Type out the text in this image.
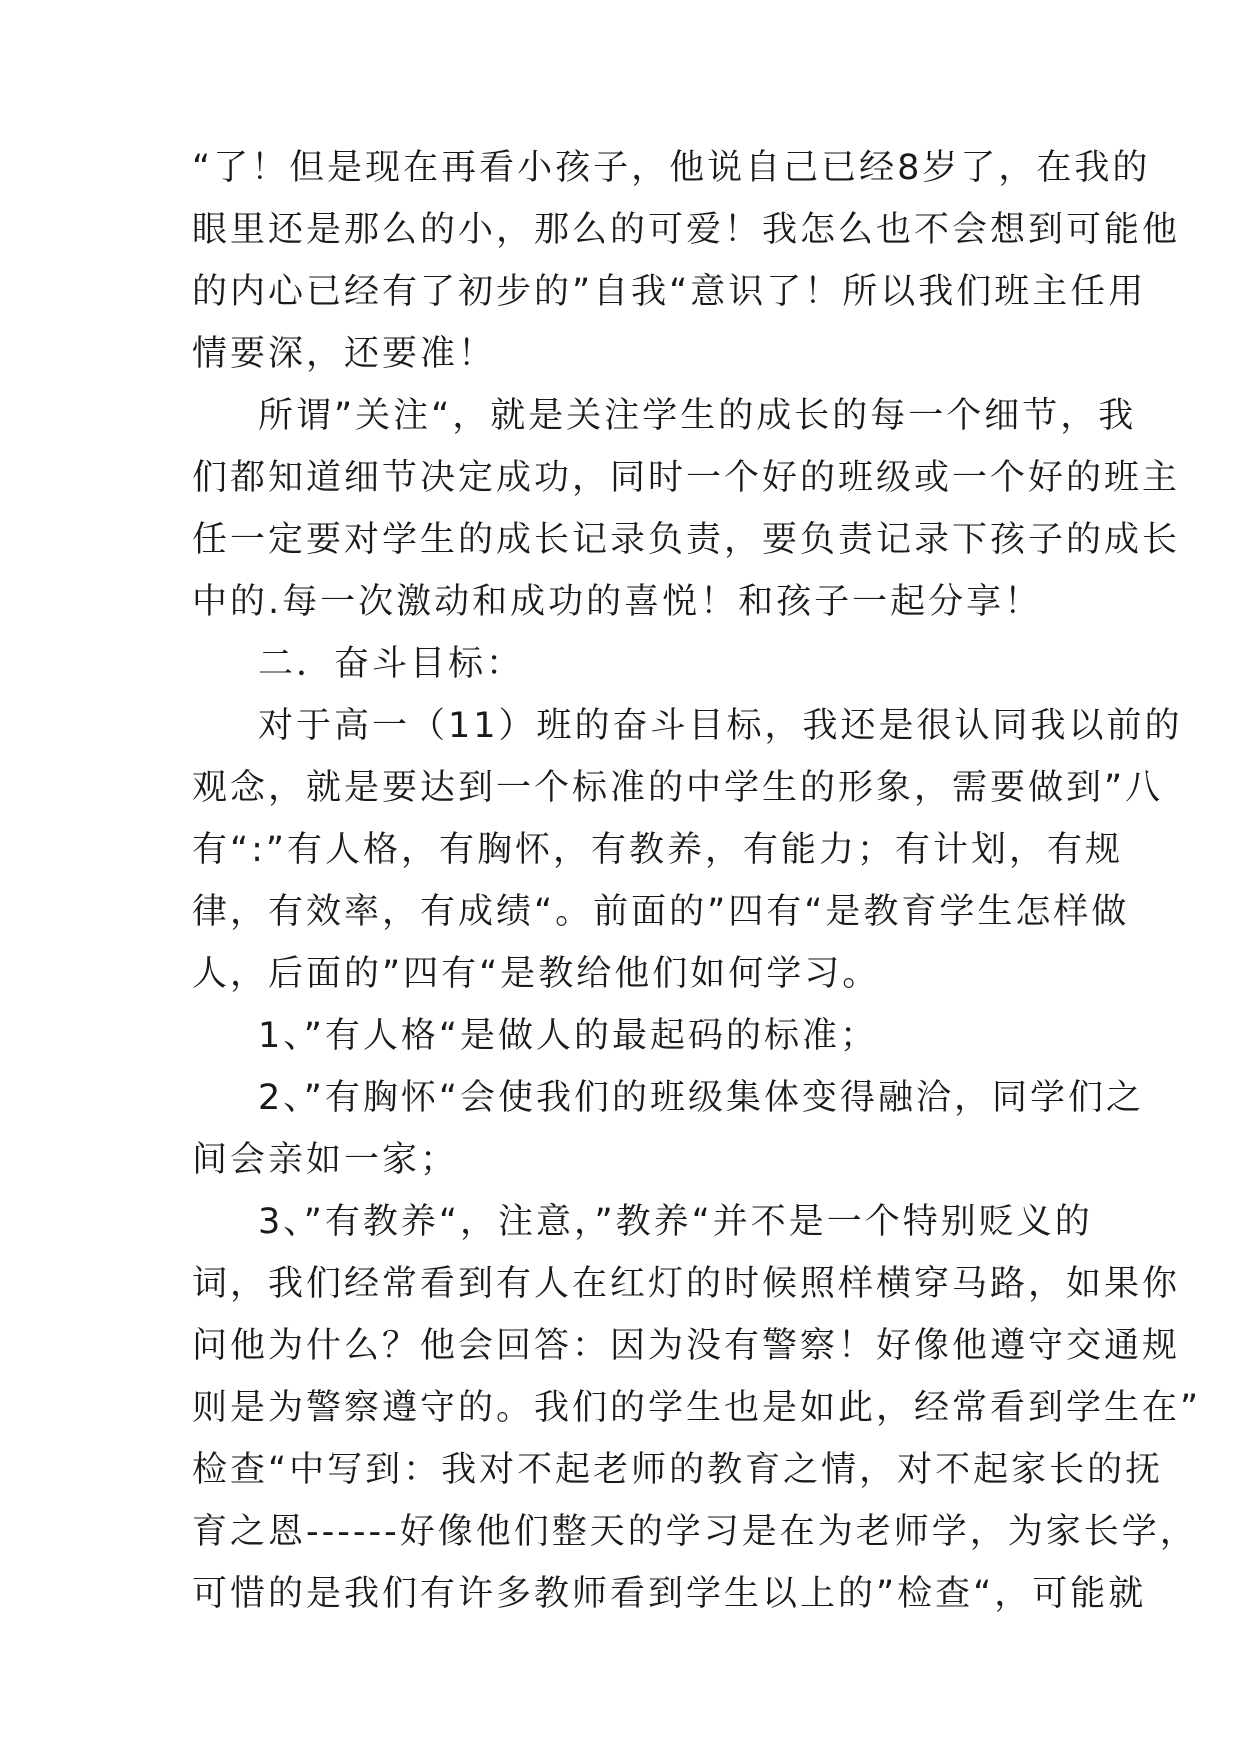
“了！但是现在再看小孩子，他说自己已经8岁了，在我的
眼里还是那么的小，那么的可爱！我怎么也不会想到可能他
的内心已经有了初步的”自我“意识了！所以我们班主任用
情要深，还要准！
所谓”关注“，就是关注学生的成长的每一个细节，我
们都知道细节决定成功，同时一个好的班级或一个好的班主
任一定要对学生的成长记录负责，要负责记录下孩子的成长
中的.每一次激动和成功的喜悦！和孩子一起分享！
二．奋斗目标：
对于高一（11）班的奋斗目标，我还是很认同我以前的
观念，就是要达到一个标准的中学生的形象，需要做到”八
有“:”有人格，有胸怀，有教养，有能力；有计划，有规
律，有效率，有成绩“。前面的”四有“是教育学生怎样做
人，后面的”四有“是教给他们如何学习。
1、”有人格“是做人的最起码的标准；
2、”有胸怀“会使我们的班级集体变得融洽，同学们之
间会亲如一家；
3、”有教养“，注意，”教养“并不是一个特别贬义的
词，我们经常看到有人在红灯的时候照样横穿马路，如果你
问他为什么？他会回答：因为没有警察！好像他遵守交通规
则是为警察遵守的。我们的学生也是如此，经常看到学生在”
检查“中写到：我对不起老师的教育之情，对不起家长的抚
育之恩------好像他们整天的学习是在为老师学，为家长学，
可惜的是我们有许多教师看到学生以上的”检查“，可能就
